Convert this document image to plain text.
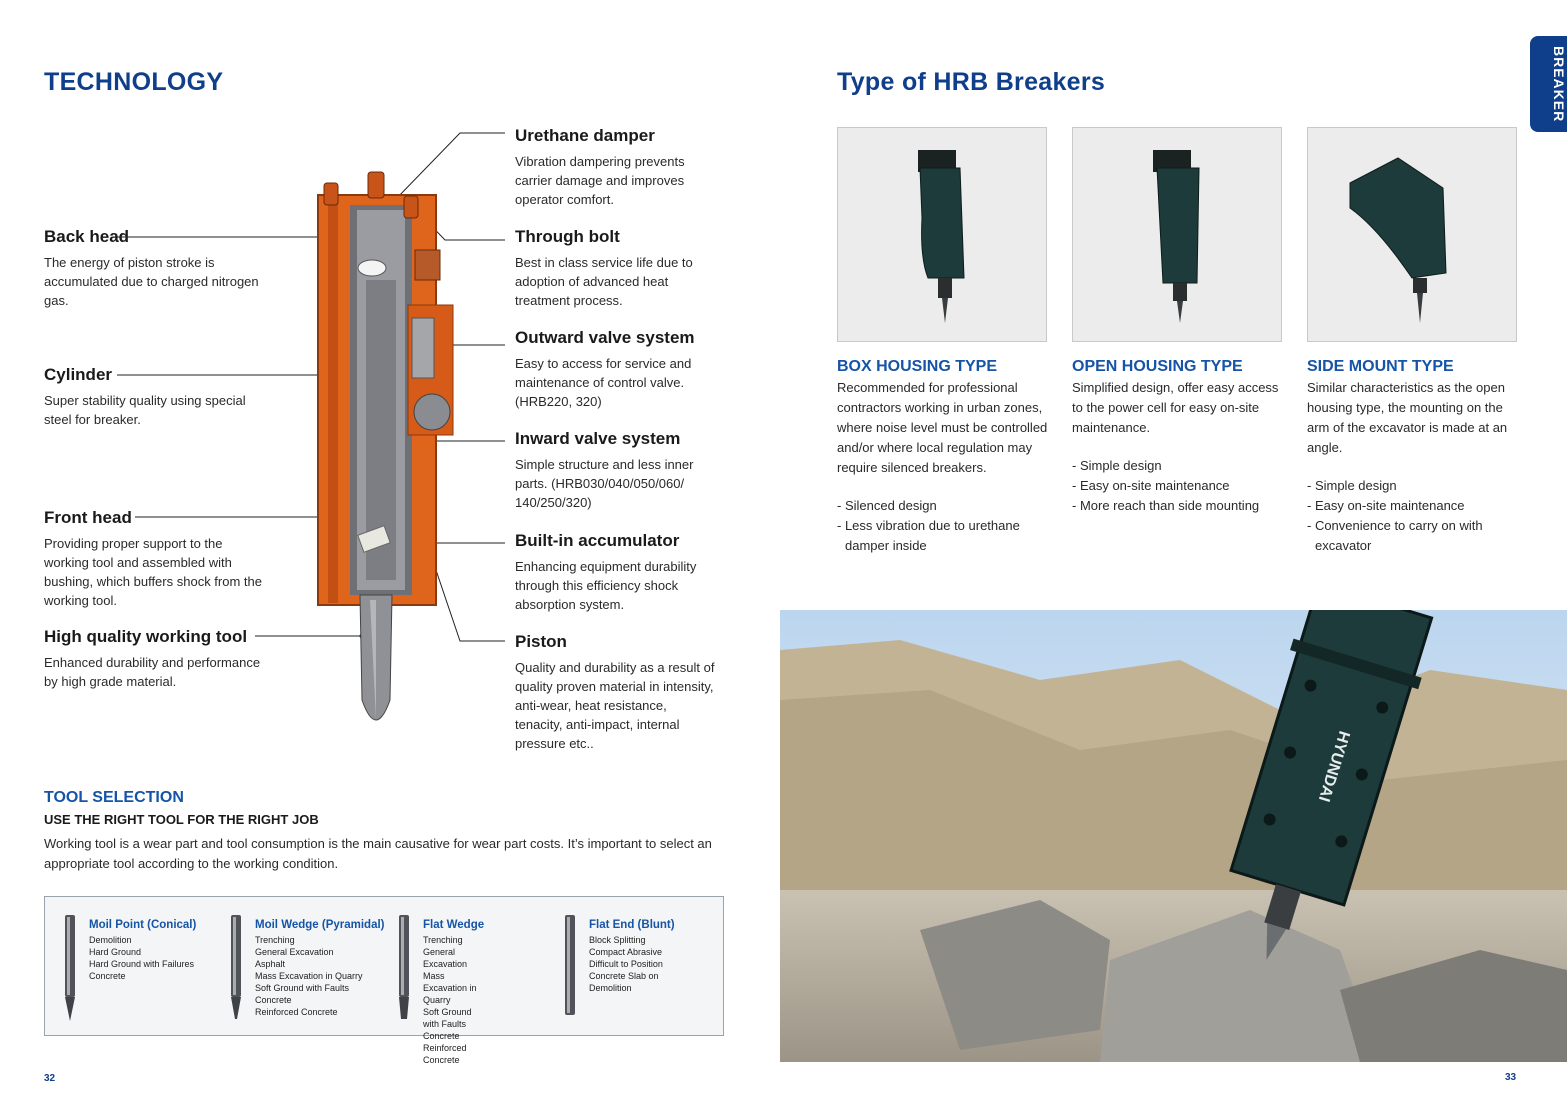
TECHNOLOGY
Back head
The energy of piston stroke is accumulated due to charged nitrogen gas.
Cylinder
Super stability quality using special steel for breaker.
Front head
Providing proper support to the working tool and assembled with bushing, which buffers shock from the working tool.
High quality working tool
Enhanced durability and performance by high grade material.
Urethane damper
Vibration dampering prevents carrier damage and improves operator comfort.
Through bolt
Best in class service life due to adoption of advanced heat treatment process.
Outward valve system
Easy to access for service and maintenance of control valve. (HRB220, 320)
Inward valve system
Simple structure and less inner parts. (HRB030/040/050/060/ 140/250/320)
Built-in accumulator
Enhancing equipment durability through this efficiency shock absorption system.
Piston
Quality and durability as a result of quality proven material in intensity, anti-wear, heat resistance, tenacity, anti-impact, internal pressure etc..
TOOL SELECTION
USE THE RIGHT TOOL FOR THE RIGHT JOB
Working tool is a wear part and tool consumption is the main causative for wear part costs. It’s important to select an appropriate tool according to the working condition.
Moil Point (Conical)
Demolition
Hard Ground
Hard Ground with Failures
Concrete
Moil Wedge (Pyramidal)
Trenching
General Excavation
Asphalt
Mass Excavation in Quarry
Soft Ground with Faults
Concrete
Reinforced Concrete
Flat Wedge
Trenching
General Excavation
Mass Excavation in Quarry
Soft Ground with Faults
Concrete
Reinforced Concrete
Flat End (Blunt)
Block Splitting
Compact Abrasive
Difficult to Position
Concrete Slab on Demolition
32
Type of HRB Breakers	BREAKER
BOX HOUSING TYPE
Recommended for professional contractors working in urban zones, where noise level must be controlled and/or where local regulation may require silenced breakers.
- Silenced design
- Less vibration due to urethane damper inside
OPEN HOUSING TYPE
Simplified design, offer easy access to the power cell for easy on-site maintenance.
- Simple design
- Easy on-site maintenance
- More reach than side mounting
SIDE MOUNT TYPE
Similar characteristics as the open housing type, the mounting on the arm of the excavator is made at an angle.
- Simple design
- Easy on-site maintenance
- Convenience to carry on with excavator
HYUNDAI
33
